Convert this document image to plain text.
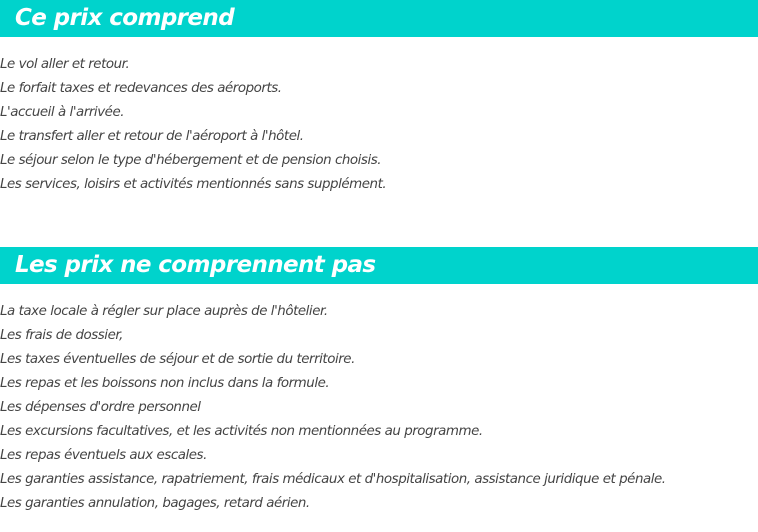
Ce prix comprend
Le vol aller et retour.
Le forfait taxes et redevances des aéroports.
L'accueil à l'arrivée.
Le transfert aller et retour de l'aéroport à l'hôtel.
Le séjour selon le type d'hébergement et de pension choisis.
Les services, loisirs et activités mentionnés sans supplément.
Les prix ne comprennent pas
La taxe locale à régler sur place auprès de l'hôtelier.
Les frais de dossier,
Les taxes éventuelles de séjour et de sortie du territoire.
Les repas et les boissons non inclus dans la formule.
Les dépenses d'ordre personnel
Les excursions facultatives, et les activités non mentionnées au programme.
Les repas éventuels aux escales.
Les garanties assistance, rapatriement, frais médicaux et d'hospitalisation, assistance juridique et pénale.
Les garanties annulation, bagages, retard aérien.
